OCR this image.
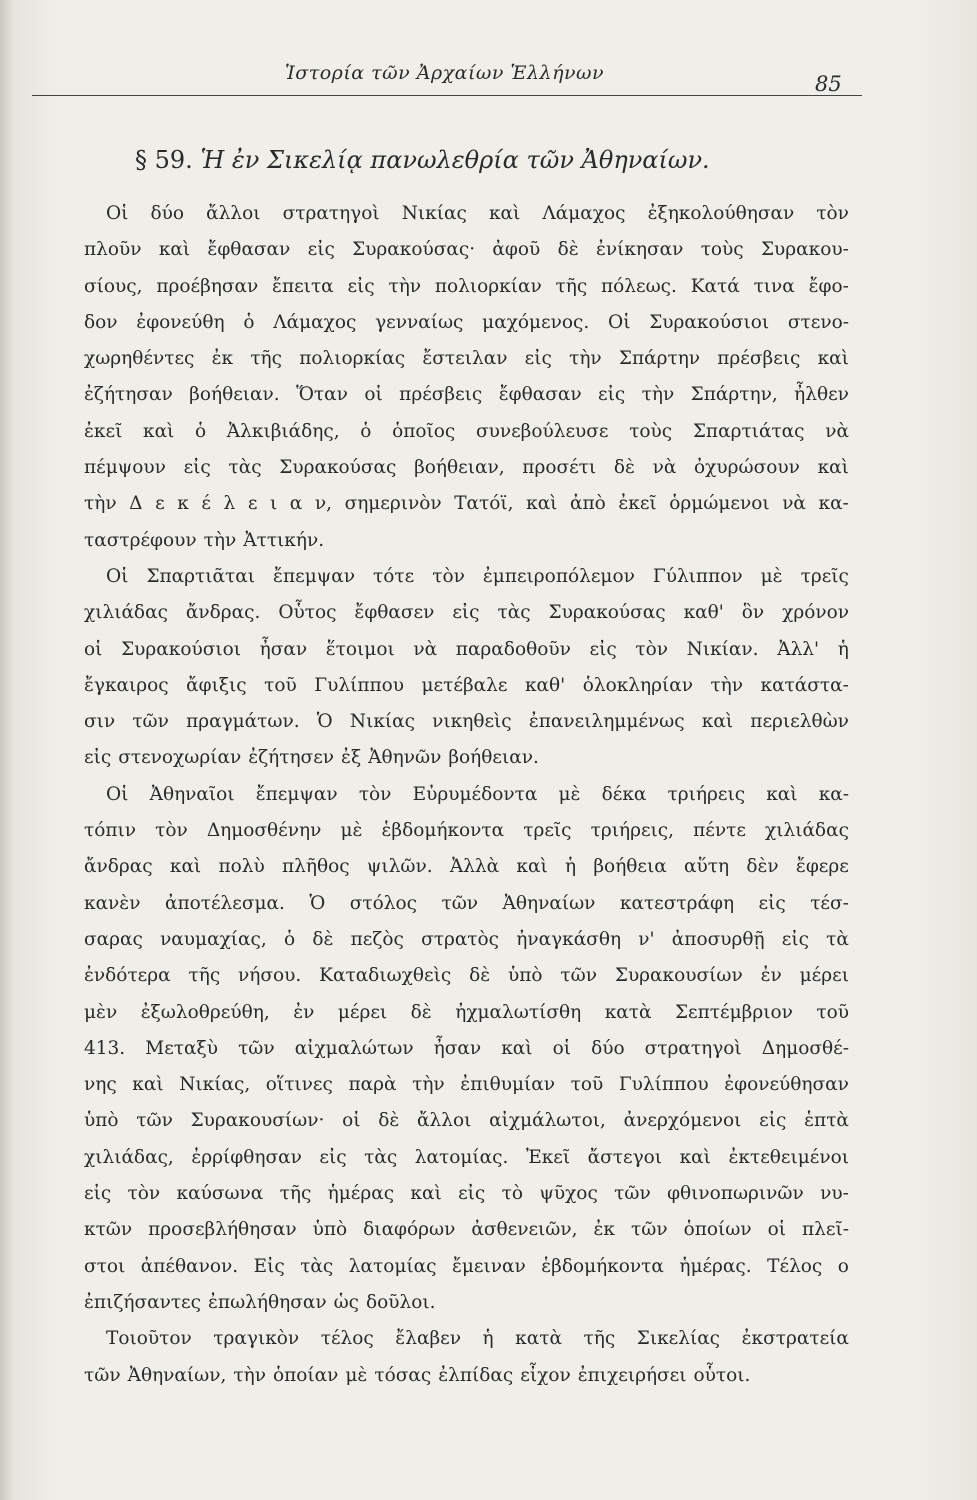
Ἱστορία τῶν Ἀρχαίων Ἑλλήνων	85
§ 59. Ἡ ἐν Σικελίᾳ πανωλεθρία τῶν Ἀθηναίων.
Οἱ δύο ἄλλοι στρατηγοὶ Νικίας καὶ Λάμαχος ἐξηκολούθησαν τὸν
πλοῦν καὶ ἔφθασαν εἰς Συρακούσας· ἀφοῦ δὲ ἐνίκησαν τοὺς Συρακου-
σίους, προέβησαν ἔπειτα εἰς τὴν πολιορκίαν τῆς πόλεως. Κατά τινα ἔφο-
δον ἐφονεύθη ὁ Λάμαχος γενναίως μαχόμενος. Οἱ Συρακούσιοι στενο-
χωρηθέντες ἐκ τῆς πολιορκίας ἔστειλαν εἰς τὴν Σπάρτην πρέσβεις καὶ
ἐζήτησαν βοήθειαν. Ὅταν οἱ πρέσβεις ἔφθασαν εἰς τὴν Σπάρτην, ἦλθεν
ἐκεῖ καὶ ὁ Ἀλκιβιάδης, ὁ ὁποῖος συνεβούλευσε τοὺς Σπαρτιάτας νὰ
πέμψουν εἰς τὰς Συρακούσας βοήθειαν, προσέτι δὲ νὰ ὀχυρώσουν καὶ
τὴν Δ ε κ έ λ ε ι α ν, σημερινὸν Τατόϊ, καὶ ἀπὸ ἐκεῖ ὁρμώμενοι νὰ κα-
ταστρέφουν τὴν Ἀττικήν.
Οἱ Σπαρτιᾶται ἔπεμψαν τότε τὸν ἐμπειροπόλεμον Γύλιππον μὲ τρεῖς
χιλιάδας ἄνδρας. Οὗτος ἔφθασεν εἰς τὰς Συρακούσας καθ' ὃν χρόνον
οἱ Συρακούσιοι ἦσαν ἕτοιμοι νὰ παραδοθοῦν εἰς τὸν Νικίαν. Ἀλλ' ἡ
ἔγκαιρος ἄφιξις τοῦ Γυλίππου μετέβαλε καθ' ὁλοκληρίαν τὴν κατάστα-
σιν τῶν πραγμάτων. Ὁ Νικίας νικηθεὶς ἐπανειλημμένως καὶ περιελθὼν
εἰς στενοχωρίαν ἐζήτησεν ἐξ Ἀθηνῶν βοήθειαν.
Οἱ Ἀθηναῖοι ἔπεμψαν τὸν Εὐρυμέδοντα μὲ δέκα τριήρεις καὶ κα-
τόπιν τὸν Δημοσθένην μὲ ἑβδομήκοντα τρεῖς τριήρεις, πέντε χιλιάδας
ἄνδρας καὶ πολὺ πλῆθος ψιλῶν. Ἀλλὰ καὶ ἡ βοήθεια αὕτη δὲν ἔφερε
κανὲν ἀποτέλεσμα. Ὁ στόλος τῶν Ἀθηναίων κατεστράφη εἰς τέσ-
σαρας ναυμαχίας, ὁ δὲ πεζὸς στρατὸς ἠναγκάσθη ν' ἀποσυρθῇ εἰς τὰ
ἐνδότερα τῆς νήσου. Καταδιωχθεὶς δὲ ὑπὸ τῶν Συρακουσίων ἐν μέρει
μὲν ἐξωλοθρεύθη, ἐν μέρει δὲ ἠχμαλωτίσθη κατὰ Σεπτέμβριον τοῦ
413. Μεταξὺ τῶν αἰχμαλώτων ἦσαν καὶ οἱ δύο στρατηγοὶ Δημοσθέ-
νης καὶ Νικίας, οἵτινες παρὰ τὴν ἐπιθυμίαν τοῦ Γυλίππου ἐφονεύθησαν
ὑπὸ τῶν Συρακουσίων· οἱ δὲ ἄλλοι αἰχμάλωτοι, ἀνερχόμενοι εἰς ἑπτὰ
χιλιάδας, ἐρρίφθησαν εἰς τὰς λατομίας. Ἐκεῖ ἄστεγοι καὶ ἐκτεθειμένοι
εἰς τὸν καύσωνα τῆς ἡμέρας καὶ εἰς τὸ ψῦχος τῶν φθινοπωρινῶν νυ-
κτῶν προσεβλήθησαν ὑπὸ διαφόρων ἀσθενειῶν, ἐκ τῶν ὁποίων οἱ πλεῖ-
στοι ἀπέθανον. Εἰς τὰς λατομίας ἔμειναν ἑβδομήκοντα ἡμέρας. Τέλος ο
ἐπιζήσαντες ἐπωλήθησαν ὡς δοῦλοι.
Τοιοῦτον τραγικὸν τέλος ἔλαβεν ἡ κατὰ τῆς Σικελίας ἐκστρατεία
τῶν Ἀθηναίων, τὴν ὁποίαν μὲ τόσας ἐλπίδας εἶχον ἐπιχειρήσει οὗτοι.
